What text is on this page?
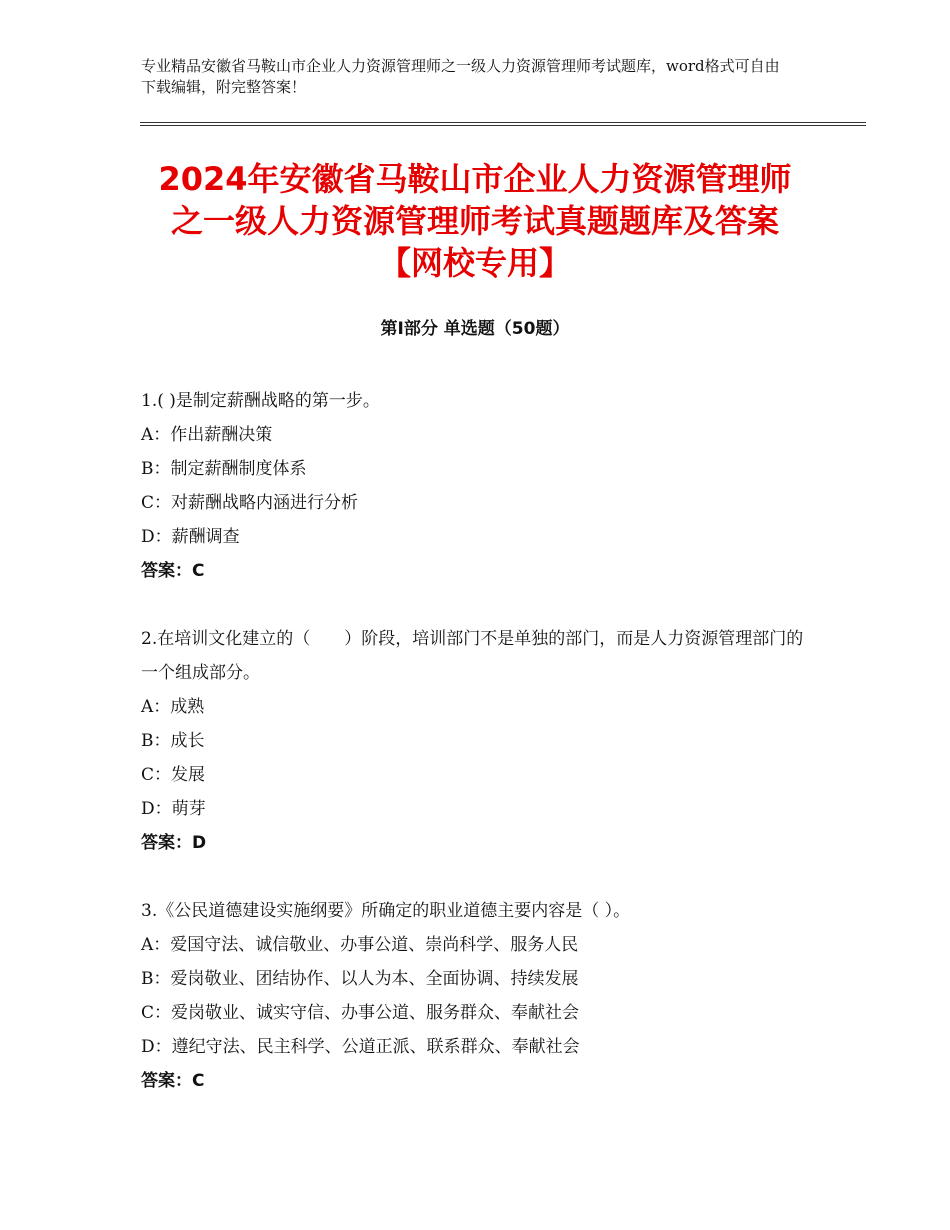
专业精品安徽省马鞍山市企业人力资源管理师之一级人力资源管理师考试题库，word格式可自由下载编辑，附完整答案！
2024年安徽省马鞍山市企业人力资源管理师
之一级人力资源管理师考试真题题库及答案
【网校专用】
第Ⅰ部分 单选题（50题）
1.( )是制定薪酬战略的第一步。
A：作出薪酬决策
B：制定薪酬制度体系
C：对薪酬战略内涵进行分析
D：薪酬调查
答案：C
2.在培训文化建立的（　　）阶段，培训部门不是单独的部门，而是人力资源管理部门的一个组成部分。
A：成熟
B：成长
C：发展
D：萌芽
答案：D
3.《公民道德建设实施纲要》所确定的职业道德主要内容是（ ）。
A：爱国守法、诚信敬业、办事公道、崇尚科学、服务人民
B：爱岗敬业、团结协作、以人为本、全面协调、持续发展
C：爱岗敬业、诚实守信、办事公道、服务群众、奉献社会
D：遵纪守法、民主科学、公道正派、联系群众、奉献社会
答案：C
